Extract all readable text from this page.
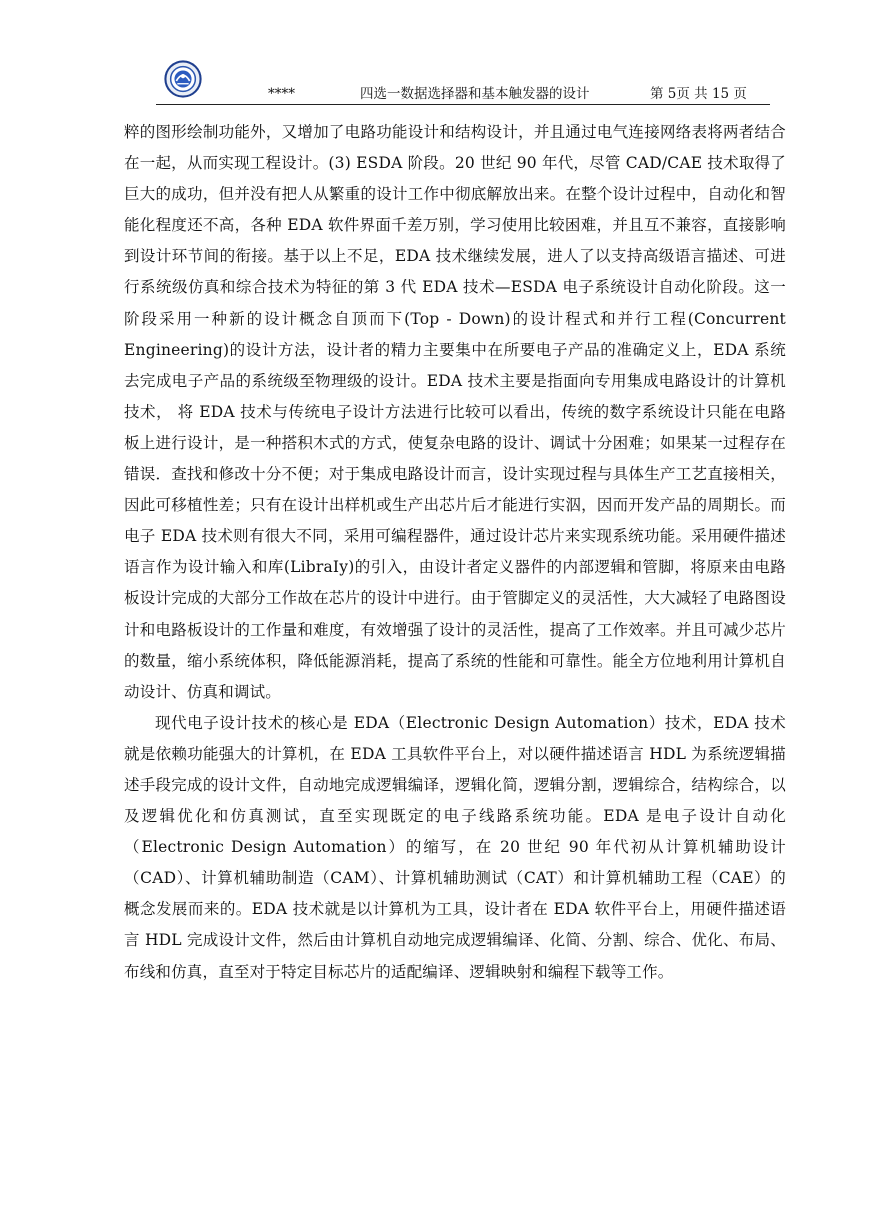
****	四选一数据选择器和基本触发器的设计	第 5页 共 15 页

粹的图形绘制功能外，又增加了电路功能设计和结构设计，并且通过电气连接网络表将两者结合在一起，从而实现工程设计。(3) ESDA 阶段。20 世纪 90 年代，尽管 CAD/CAE 技术取得了巨大的成功，但并没有把人从繁重的设计工作中彻底解放出来。在整个设计过程中，自动化和智能化程度还不高，各种 EDA 软件界面千差万别，学习使用比较困难，并且互不兼容，直接影响到设计环节间的衔接。基于以上不足，EDA 技术继续发展，进人了以支持高级语言描述、可进行系统级仿真和综合技术为特征的第 3 代 EDA 技术—ESDA 电子系统设计自动化阶段。这一阶段采用一种新的设计概念自顶而下(Top - Down)的设计程式和并行工程(Concurrent Engineering)的设计方法，设计者的精力主要集中在所要电子产品的准确定义上，EDA 系统去完成电子产品的系统级至物理级的设计。EDA 技术主要是指面向专用集成电路设计的计算机技术， 将 EDA 技术与传统电子设计方法进行比较可以看出，传统的数字系统设计只能在电路板上进行设计，是一种搭积木式的方式，使复杂电路的设计、调试十分困难；如果某一过程存在错误．查找和修改十分不便；对于集成电路设计而言，设计实现过程与具体生产工艺直接相关，因此可移植性差；只有在设计出样机或生产出芯片后才能进行实泅，因而开发产品的周期长。而电子 EDA 技术则有很大不同，采用可编程器件，通过设计芯片来实现系统功能。采用硬件描述语言作为设计输入和库(LibraIy)的引入，由设计者定义器件的内部逻辑和管脚，将原来由电路板设计完成的大部分工作故在芯片的设计中进行。由于管脚定义的灵活性，大大减轻了电路图设计和电路板设计的工作量和难度，有效增强了设计的灵活性，提高了工作效率。并且可减少芯片的数量，缩小系统体积，降低能源消耗，提高了系统的性能和可靠性。能全方位地利用计算机自动设计、仿真和调试。

现代电子设计技术的核心是 EDA（Electronic Design Automation）技术，EDA 技术就是依赖功能强大的计算机，在 EDA 工具软件平台上，对以硬件描述语言 HDL 为系统逻辑描述手段完成的设计文件，自动地完成逻辑编译，逻辑化简，逻辑分割，逻辑综合，结构综合，以及逻辑优化和仿真测试，直至实现既定的电子线路系统功能。EDA 是电子设计自动化（Electronic Design Automation）的缩写，在 20 世纪 90 年代初从计算机辅助设计（CAD）、计算机辅助制造（CAM）、计算机辅助测试（CAT）和计算机辅助工程（CAE）的概念发展而来的。EDA 技术就是以计算机为工具，设计者在 EDA 软件平台上，用硬件描述语言 HDL 完成设计文件，然后由计算机自动地完成逻辑编译、化简、分割、综合、优化、布局、布线和仿真，直至对于特定目标芯片的适配编译、逻辑映射和编程下载等工作。
